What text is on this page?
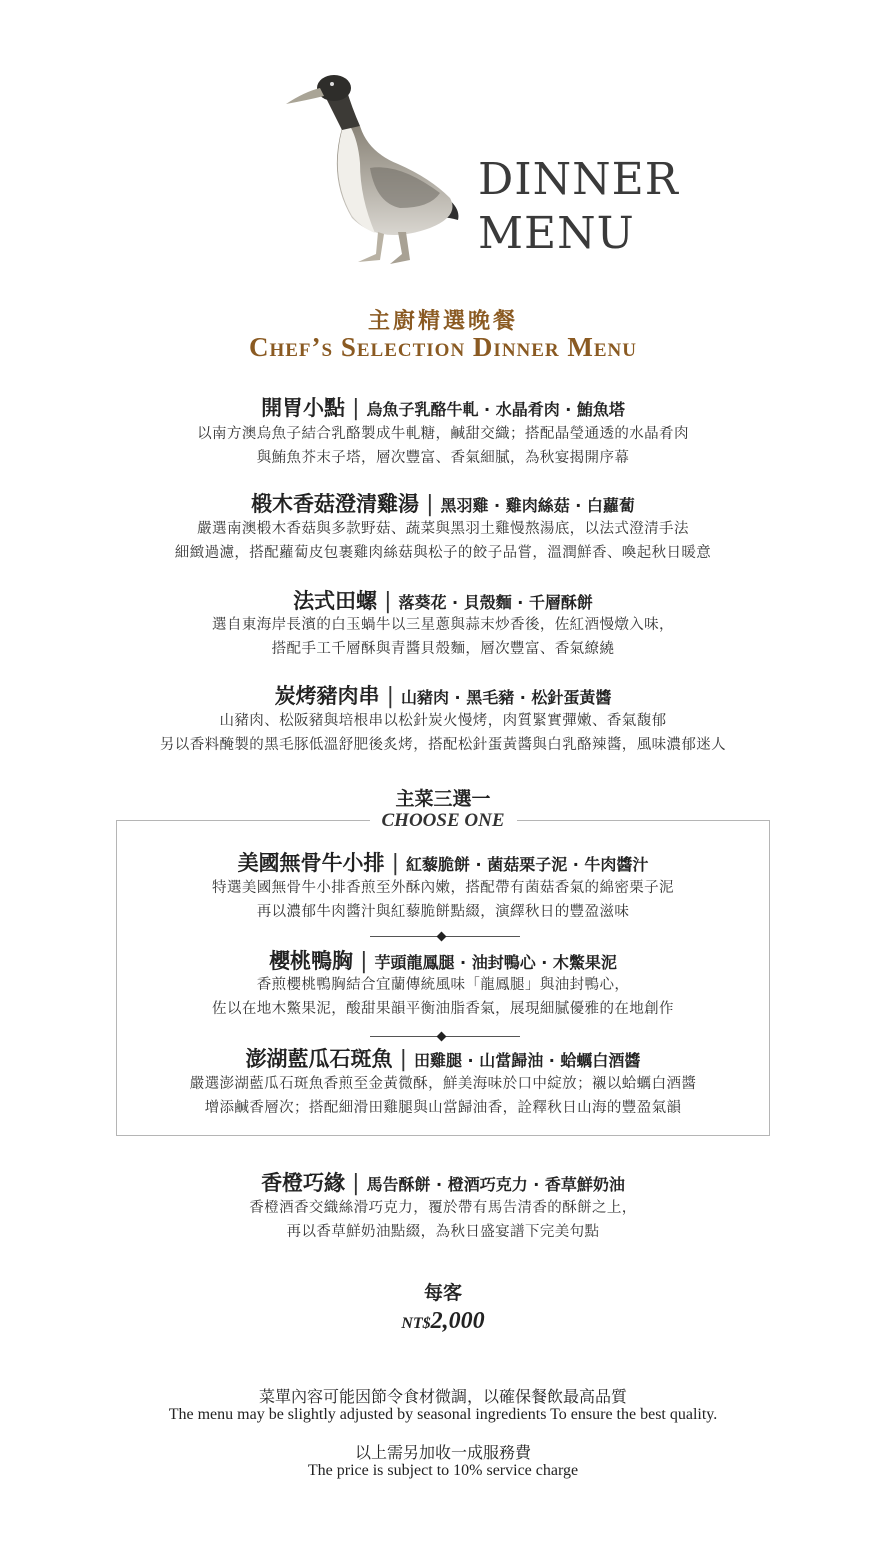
DINNER
MENU
主廚精選晚餐
Chef’s Selection Dinner Menu
開胃小點 | 烏魚子乳酪牛軋 · 水晶肴肉 · 鮪魚塔
以南方澳烏魚子結合乳酪製成牛軋糖，鹹甜交織；搭配晶瑩通透的水晶肴肉
與鮪魚芥末子塔，層次豐富、香氣細膩，為秋宴揭開序幕
椴木香菇澄清雞湯 | 黑羽雞 · 雞肉絲菇 · 白蘿蔔
嚴選南澳椴木香菇與多款野菇、蔬菜與黑羽土雞慢熬湯底，以法式澄清手法
細緻過濾，搭配蘿蔔皮包裹雞肉絲菇與松子的餃子品嘗，溫潤鮮香、喚起秋日暖意
法式田螺 | 落葵花 · 貝殼麵 · 千層酥餅
選自東海岸長濱的白玉蝸牛以三星蔥與蒜末炒香後，佐紅酒慢燉入味，
搭配手工千層酥與青醬貝殼麵，層次豐富、香氣繚繞
炭烤豬肉串 | 山豬肉 · 黑毛豬 · 松針蛋黃醬
山豬肉、松阪豬與培根串以松針炭火慢烤，肉質緊實彈嫩、香氣馥郁
另以香料醃製的黑毛豚低溫舒肥後炙烤，搭配松針蛋黃醬與白乳酪辣醬，風味濃郁迷人
主菜三選一
CHOOSE ONE
美國無骨牛小排 | 紅藜脆餅 · 菌菇栗子泥 · 牛肉醬汁
特選美國無骨牛小排香煎至外酥內嫩，搭配帶有菌菇香氣的綿密栗子泥
再以濃郁牛肉醬汁與紅藜脆餅點綴，演繹秋日的豐盈滋味
櫻桃鴨胸 | 芋頭龍鳳腿 · 油封鴨心 · 木鱉果泥
香煎櫻桃鴨胸結合宜蘭傳統風味「龍鳳腿」與油封鴨心，
佐以在地木鱉果泥，酸甜果韻平衡油脂香氣，展現細膩優雅的在地創作
澎湖藍瓜石斑魚 | 田雞腿 · 山當歸油 · 蛤蠣白酒醬
嚴選澎湖藍瓜石斑魚香煎至金黃微酥，鮮美海味於口中綻放；襯以蛤蠣白酒醬
增添鹹香層次；搭配細滑田雞腿與山當歸油香，詮釋秋日山海的豐盈氣韻
香橙巧緣 | 馬告酥餅 · 橙酒巧克力 · 香草鮮奶油
香橙酒香交織絲滑巧克力，覆於帶有馬告清香的酥餅之上，
再以香草鮮奶油點綴，為秋日盛宴譜下完美句點
每客
NT$2,000
菜單內容可能因節令食材微調，以確保餐飲最高品質
The menu may be slightly adjusted by seasonal ingredients To ensure the best quality.
以上需另加收一成服務費
The price is subject to 10% service charge
